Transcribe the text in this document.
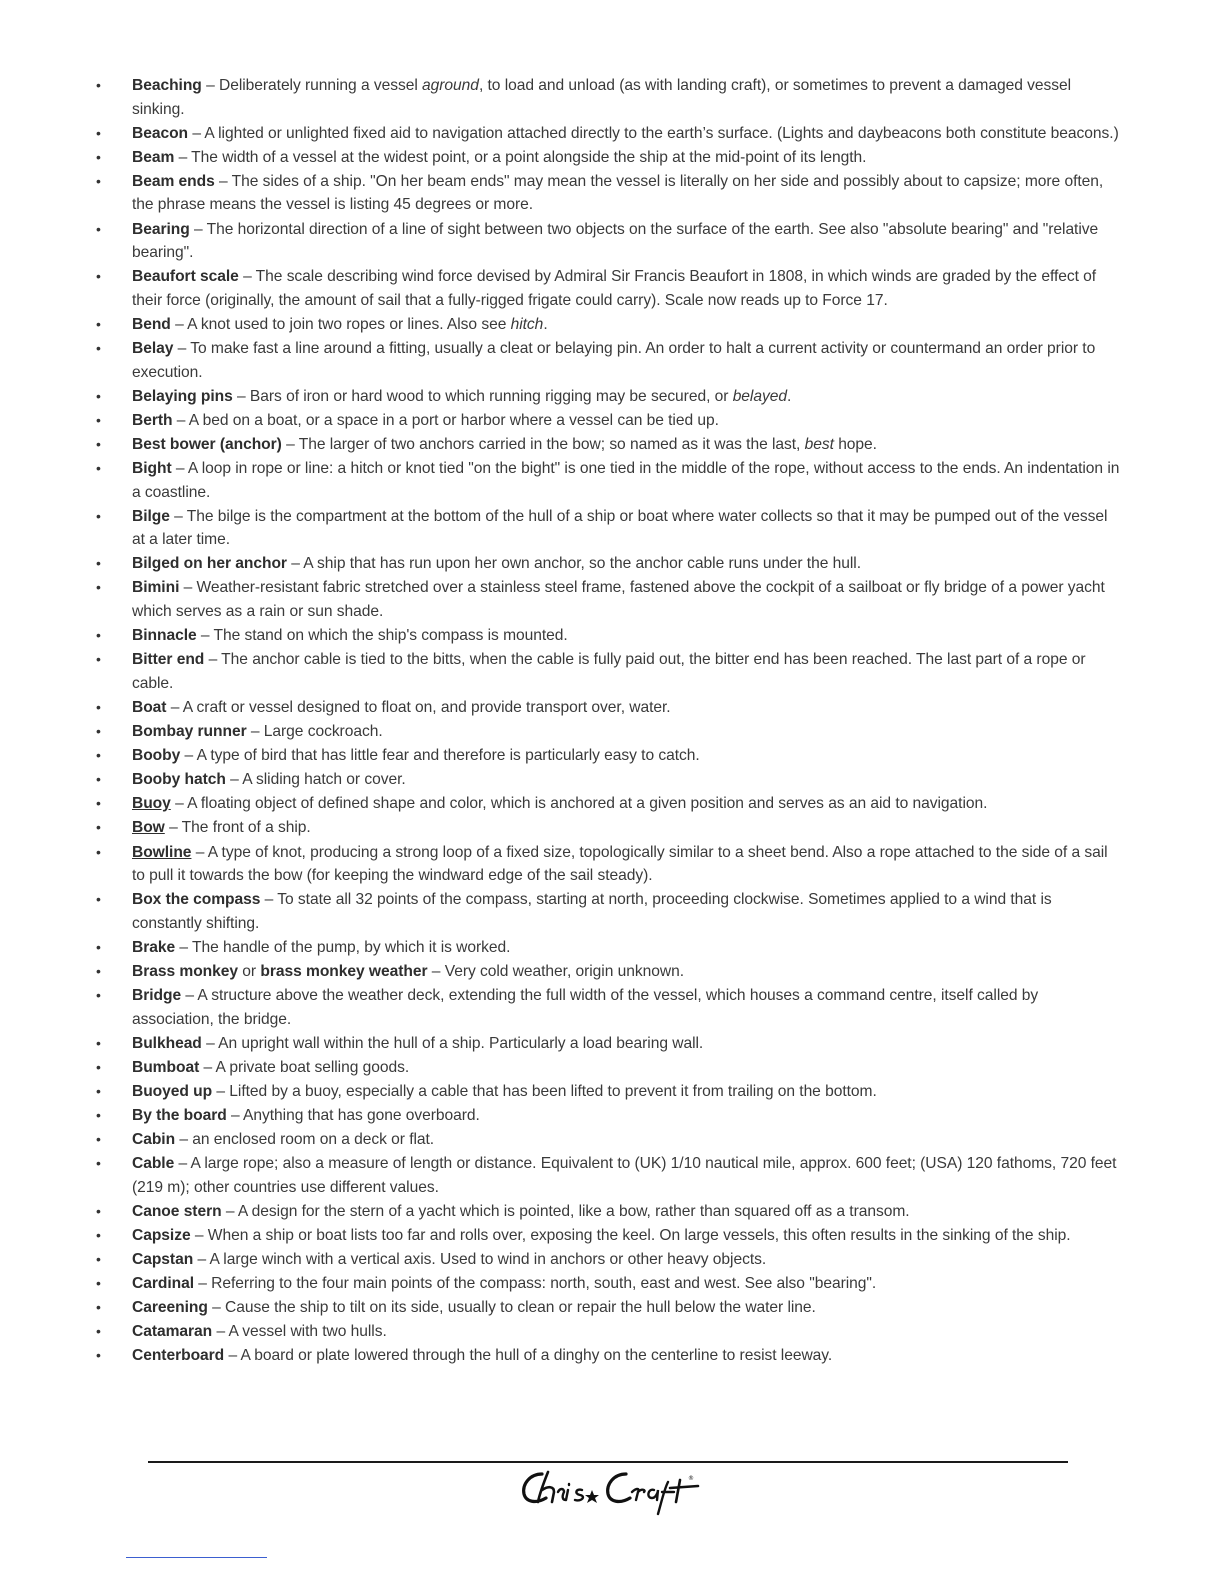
• Beaching – Deliberately running a vessel aground, to load and unload (as with landing craft), or sometimes to prevent a damaged vessel sinking.
• Beacon – A lighted or unlighted fixed aid to navigation attached directly to the earth’s surface. (Lights and daybeacons both constitute beacons.)
• Beam – The width of a vessel at the widest point, or a point alongside the ship at the mid-point of its length.
• Beam ends – The sides of a ship. "On her beam ends" may mean the vessel is literally on her side and possibly about to capsize; more often, the phrase means the vessel is listing 45 degrees or more.
• Bearing – The horizontal direction of a line of sight between two objects on the surface of the earth. See also "absolute bearing" and "relative bearing".
• Beaufort scale – The scale describing wind force devised by Admiral Sir Francis Beaufort in 1808, in which winds are graded by the effect of their force (originally, the amount of sail that a fully-rigged frigate could carry). Scale now reads up to Force 17.
• Bend – A knot used to join two ropes or lines. Also see hitch.
• Belay – To make fast a line around a fitting, usually a cleat or belaying pin. An order to halt a current activity or countermand an order prior to execution.
• Belaying pins – Bars of iron or hard wood to which running rigging may be secured, or belayed.
• Berth – A bed on a boat, or a space in a port or harbor where a vessel can be tied up.
• Best bower (anchor) – The larger of two anchors carried in the bow; so named as it was the last, best hope.
• Bight – A loop in rope or line: a hitch or knot tied "on the bight" is one tied in the middle of the rope, without access to the ends. An indentation in a coastline.
• Bilge – The bilge is the compartment at the bottom of the hull of a ship or boat where water collects so that it may be pumped out of the vessel at a later time.
• Bilged on her anchor – A ship that has run upon her own anchor, so the anchor cable runs under the hull.
• Bimini – Weather-resistant fabric stretched over a stainless steel frame, fastened above the cockpit of a sailboat or fly bridge of a power yacht which serves as a rain or sun shade.
• Binnacle – The stand on which the ship's compass is mounted.
• Bitter end – The anchor cable is tied to the bitts, when the cable is fully paid out, the bitter end has been reached. The last part of a rope or cable.
• Boat – A craft or vessel designed to float on, and provide transport over, water.
• Bombay runner – Large cockroach.
• Booby – A type of bird that has little fear and therefore is particularly easy to catch.
• Booby hatch – A sliding hatch or cover.
• Buoy – A floating object of defined shape and color, which is anchored at a given position and serves as an aid to navigation.
• Bow – The front of a ship.
• Bowline – A type of knot, producing a strong loop of a fixed size, topologically similar to a sheet bend. Also a rope attached to the side of a sail to pull it towards the bow (for keeping the windward edge of the sail steady).
• Box the compass – To state all 32 points of the compass, starting at north, proceeding clockwise. Sometimes applied to a wind that is constantly shifting.
• Brake – The handle of the pump, by which it is worked.
• Brass monkey or brass monkey weather – Very cold weather, origin unknown.
• Bridge – A structure above the weather deck, extending the full width of the vessel, which houses a command centre, itself called by association, the bridge.
• Bulkhead – An upright wall within the hull of a ship. Particularly a load bearing wall.
• Bumboat – A private boat selling goods.
• Buoyed up – Lifted by a buoy, especially a cable that has been lifted to prevent it from trailing on the bottom.
• By the board – Anything that has gone overboard.
• Cabin – an enclosed room on a deck or flat.
• Cable – A large rope; also a measure of length or distance. Equivalent to (UK) 1/10 nautical mile, approx. 600 feet; (USA) 120 fathoms, 720 feet (219 m); other countries use different values.
• Canoe stern – A design for the stern of a yacht which is pointed, like a bow, rather than squared off as a transom.
• Capsize – When a ship or boat lists too far and rolls over, exposing the keel. On large vessels, this often results in the sinking of the ship.
• Capstan – A large winch with a vertical axis. Used to wind in anchors or other heavy objects.
• Cardinal – Referring to the four main points of the compass: north, south, east and west. See also "bearing".
• Careening – Cause the ship to tilt on its side, usually to clean or repair the hull below the water line.
• Catamaran – A vessel with two hulls.
• Centerboard – A board or plate lowered through the hull of a dinghy on the centerline to resist leeway.
®
